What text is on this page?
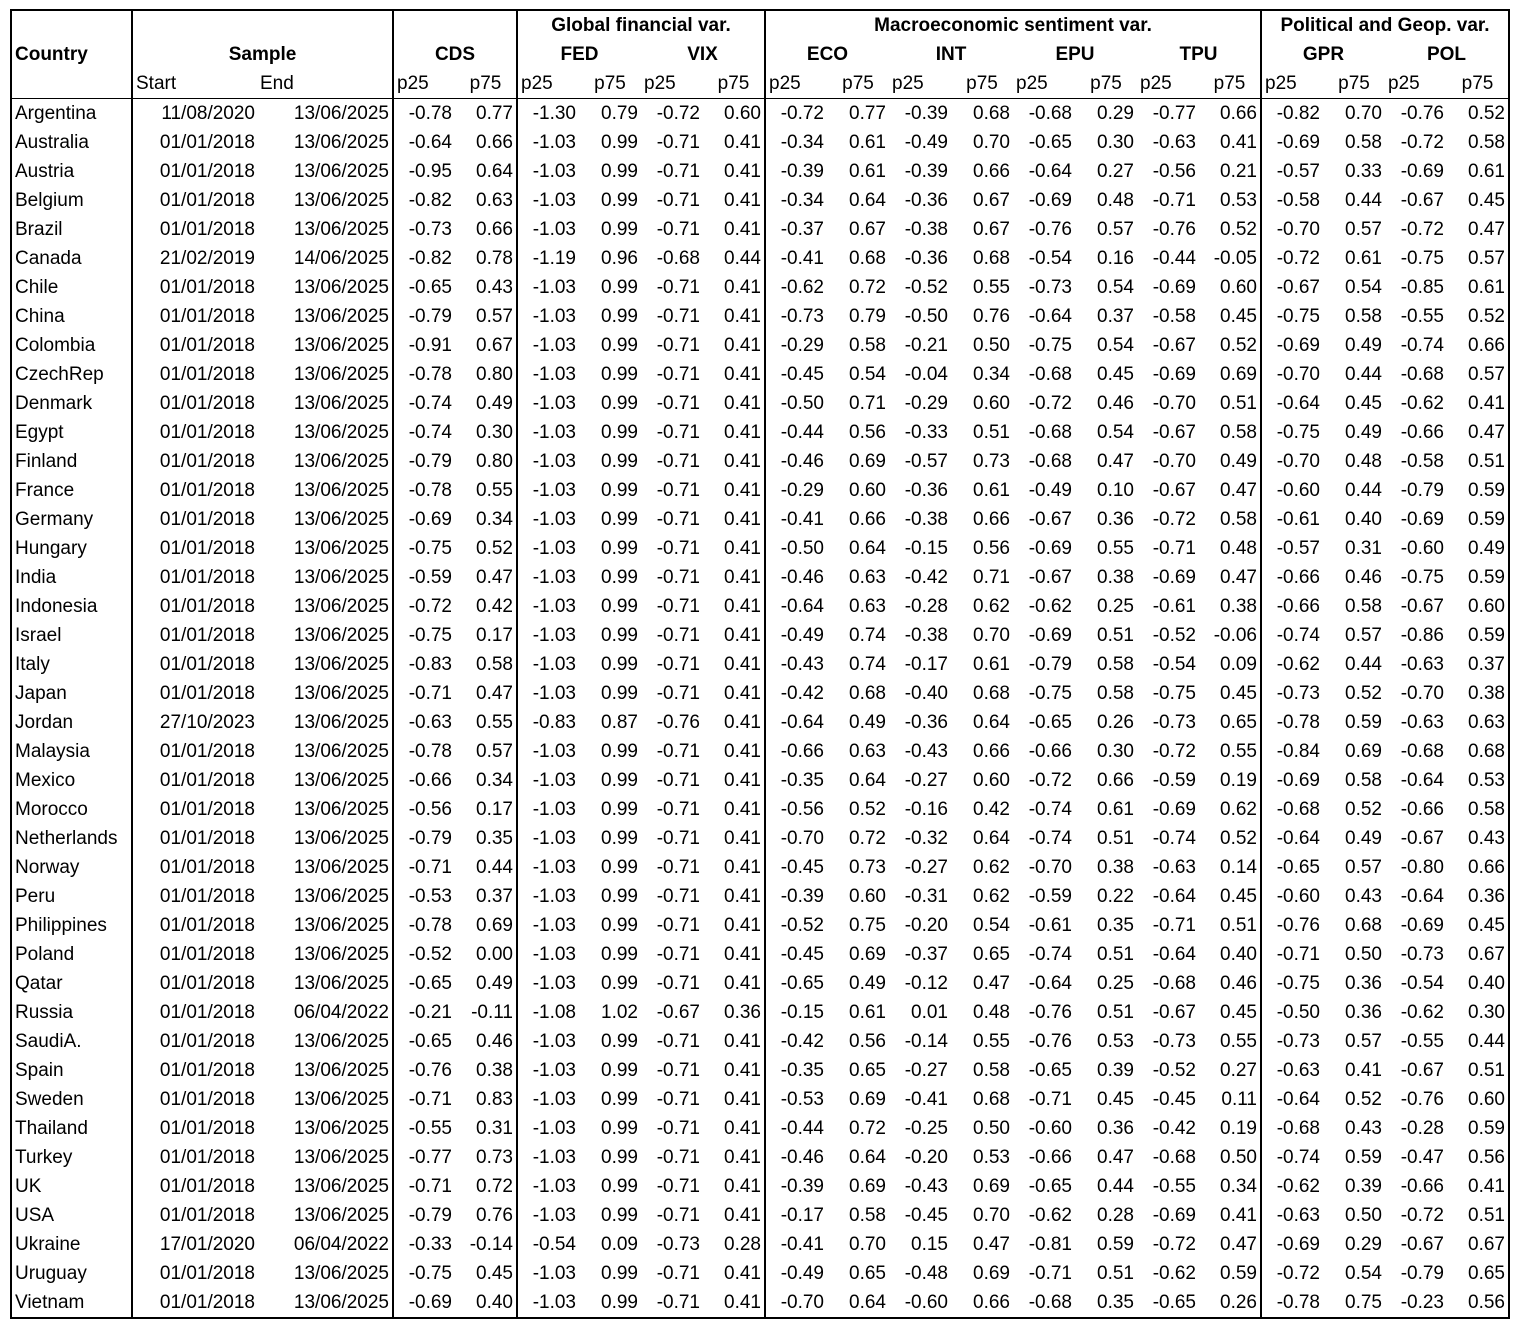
					Global financial var.				Macroeconomic sentiment var.								Political and Geop. var.			
Country	Sample		CDS		FED		VIX		ECO		INT		EPU		TPU		GPR		POL	
	Start	End	p25	p75	p25	p75	p25	p75	p25	p75	p25	p75	p25	p75	p25	p75	p25	p75	p25	p75
Argentina	11/08/2020	13/06/2025	-0.78	0.77	-1.30	0.79	-0.72	0.60	-0.72	0.77	-0.39	0.68	-0.68	0.29	-0.77	0.66	-0.82	0.70	-0.76	0.52
Australia	01/01/2018	13/06/2025	-0.64	0.66	-1.03	0.99	-0.71	0.41	-0.34	0.61	-0.49	0.70	-0.65	0.30	-0.63	0.41	-0.69	0.58	-0.72	0.58
Austria	01/01/2018	13/06/2025	-0.95	0.64	-1.03	0.99	-0.71	0.41	-0.39	0.61	-0.39	0.66	-0.64	0.27	-0.56	0.21	-0.57	0.33	-0.69	0.61
Belgium	01/01/2018	13/06/2025	-0.82	0.63	-1.03	0.99	-0.71	0.41	-0.34	0.64	-0.36	0.67	-0.69	0.48	-0.71	0.53	-0.58	0.44	-0.67	0.45
Brazil	01/01/2018	13/06/2025	-0.73	0.66	-1.03	0.99	-0.71	0.41	-0.37	0.67	-0.38	0.67	-0.76	0.57	-0.76	0.52	-0.70	0.57	-0.72	0.47
Canada	21/02/2019	14/06/2025	-0.82	0.78	-1.19	0.96	-0.68	0.44	-0.41	0.68	-0.36	0.68	-0.54	0.16	-0.44	-0.05	-0.72	0.61	-0.75	0.57
Chile	01/01/2018	13/06/2025	-0.65	0.43	-1.03	0.99	-0.71	0.41	-0.62	0.72	-0.52	0.55	-0.73	0.54	-0.69	0.60	-0.67	0.54	-0.85	0.61
China	01/01/2018	13/06/2025	-0.79	0.57	-1.03	0.99	-0.71	0.41	-0.73	0.79	-0.50	0.76	-0.64	0.37	-0.58	0.45	-0.75	0.58	-0.55	0.52
Colombia	01/01/2018	13/06/2025	-0.91	0.67	-1.03	0.99	-0.71	0.41	-0.29	0.58	-0.21	0.50	-0.75	0.54	-0.67	0.52	-0.69	0.49	-0.74	0.66
CzechRep	01/01/2018	13/06/2025	-0.78	0.80	-1.03	0.99	-0.71	0.41	-0.45	0.54	-0.04	0.34	-0.68	0.45	-0.69	0.69	-0.70	0.44	-0.68	0.57
Denmark	01/01/2018	13/06/2025	-0.74	0.49	-1.03	0.99	-0.71	0.41	-0.50	0.71	-0.29	0.60	-0.72	0.46	-0.70	0.51	-0.64	0.45	-0.62	0.41
Egypt	01/01/2018	13/06/2025	-0.74	0.30	-1.03	0.99	-0.71	0.41	-0.44	0.56	-0.33	0.51	-0.68	0.54	-0.67	0.58	-0.75	0.49	-0.66	0.47
Finland	01/01/2018	13/06/2025	-0.79	0.80	-1.03	0.99	-0.71	0.41	-0.46	0.69	-0.57	0.73	-0.68	0.47	-0.70	0.49	-0.70	0.48	-0.58	0.51
France	01/01/2018	13/06/2025	-0.78	0.55	-1.03	0.99	-0.71	0.41	-0.29	0.60	-0.36	0.61	-0.49	0.10	-0.67	0.47	-0.60	0.44	-0.79	0.59
Germany	01/01/2018	13/06/2025	-0.69	0.34	-1.03	0.99	-0.71	0.41	-0.41	0.66	-0.38	0.66	-0.67	0.36	-0.72	0.58	-0.61	0.40	-0.69	0.59
Hungary	01/01/2018	13/06/2025	-0.75	0.52	-1.03	0.99	-0.71	0.41	-0.50	0.64	-0.15	0.56	-0.69	0.55	-0.71	0.48	-0.57	0.31	-0.60	0.49
India	01/01/2018	13/06/2025	-0.59	0.47	-1.03	0.99	-0.71	0.41	-0.46	0.63	-0.42	0.71	-0.67	0.38	-0.69	0.47	-0.66	0.46	-0.75	0.59
Indonesia	01/01/2018	13/06/2025	-0.72	0.42	-1.03	0.99	-0.71	0.41	-0.64	0.63	-0.28	0.62	-0.62	0.25	-0.61	0.38	-0.66	0.58	-0.67	0.60
Israel	01/01/2018	13/06/2025	-0.75	0.17	-1.03	0.99	-0.71	0.41	-0.49	0.74	-0.38	0.70	-0.69	0.51	-0.52	-0.06	-0.74	0.57	-0.86	0.59
Italy	01/01/2018	13/06/2025	-0.83	0.58	-1.03	0.99	-0.71	0.41	-0.43	0.74	-0.17	0.61	-0.79	0.58	-0.54	0.09	-0.62	0.44	-0.63	0.37
Japan	01/01/2018	13/06/2025	-0.71	0.47	-1.03	0.99	-0.71	0.41	-0.42	0.68	-0.40	0.68	-0.75	0.58	-0.75	0.45	-0.73	0.52	-0.70	0.38
Jordan	27/10/2023	13/06/2025	-0.63	0.55	-0.83	0.87	-0.76	0.41	-0.64	0.49	-0.36	0.64	-0.65	0.26	-0.73	0.65	-0.78	0.59	-0.63	0.63
Malaysia	01/01/2018	13/06/2025	-0.78	0.57	-1.03	0.99	-0.71	0.41	-0.66	0.63	-0.43	0.66	-0.66	0.30	-0.72	0.55	-0.84	0.69	-0.68	0.68
Mexico	01/01/2018	13/06/2025	-0.66	0.34	-1.03	0.99	-0.71	0.41	-0.35	0.64	-0.27	0.60	-0.72	0.66	-0.59	0.19	-0.69	0.58	-0.64	0.53
Morocco	01/01/2018	13/06/2025	-0.56	0.17	-1.03	0.99	-0.71	0.41	-0.56	0.52	-0.16	0.42	-0.74	0.61	-0.69	0.62	-0.68	0.52	-0.66	0.58
Netherlands	01/01/2018	13/06/2025	-0.79	0.35	-1.03	0.99	-0.71	0.41	-0.70	0.72	-0.32	0.64	-0.74	0.51	-0.74	0.52	-0.64	0.49	-0.67	0.43
Norway	01/01/2018	13/06/2025	-0.71	0.44	-1.03	0.99	-0.71	0.41	-0.45	0.73	-0.27	0.62	-0.70	0.38	-0.63	0.14	-0.65	0.57	-0.80	0.66
Peru	01/01/2018	13/06/2025	-0.53	0.37	-1.03	0.99	-0.71	0.41	-0.39	0.60	-0.31	0.62	-0.59	0.22	-0.64	0.45	-0.60	0.43	-0.64	0.36
Philippines	01/01/2018	13/06/2025	-0.78	0.69	-1.03	0.99	-0.71	0.41	-0.52	0.75	-0.20	0.54	-0.61	0.35	-0.71	0.51	-0.76	0.68	-0.69	0.45
Poland	01/01/2018	13/06/2025	-0.52	0.00	-1.03	0.99	-0.71	0.41	-0.45	0.69	-0.37	0.65	-0.74	0.51	-0.64	0.40	-0.71	0.50	-0.73	0.67
Qatar	01/01/2018	13/06/2025	-0.65	0.49	-1.03	0.99	-0.71	0.41	-0.65	0.49	-0.12	0.47	-0.64	0.25	-0.68	0.46	-0.75	0.36	-0.54	0.40
Russia	01/01/2018	06/04/2022	-0.21	-0.11	-1.08	1.02	-0.67	0.36	-0.15	0.61	0.01	0.48	-0.76	0.51	-0.67	0.45	-0.50	0.36	-0.62	0.30
SaudiA.	01/01/2018	13/06/2025	-0.65	0.46	-1.03	0.99	-0.71	0.41	-0.42	0.56	-0.14	0.55	-0.76	0.53	-0.73	0.55	-0.73	0.57	-0.55	0.44
Spain	01/01/2018	13/06/2025	-0.76	0.38	-1.03	0.99	-0.71	0.41	-0.35	0.65	-0.27	0.58	-0.65	0.39	-0.52	0.27	-0.63	0.41	-0.67	0.51
Sweden	01/01/2018	13/06/2025	-0.71	0.83	-1.03	0.99	-0.71	0.41	-0.53	0.69	-0.41	0.68	-0.71	0.45	-0.45	0.11	-0.64	0.52	-0.76	0.60
Thailand	01/01/2018	13/06/2025	-0.55	0.31	-1.03	0.99	-0.71	0.41	-0.44	0.72	-0.25	0.50	-0.60	0.36	-0.42	0.19	-0.68	0.43	-0.28	0.59
Turkey	01/01/2018	13/06/2025	-0.77	0.73	-1.03	0.99	-0.71	0.41	-0.46	0.64	-0.20	0.53	-0.66	0.47	-0.68	0.50	-0.74	0.59	-0.47	0.56
UK	01/01/2018	13/06/2025	-0.71	0.72	-1.03	0.99	-0.71	0.41	-0.39	0.69	-0.43	0.69	-0.65	0.44	-0.55	0.34	-0.62	0.39	-0.66	0.41
USA	01/01/2018	13/06/2025	-0.79	0.76	-1.03	0.99	-0.71	0.41	-0.17	0.58	-0.45	0.70	-0.62	0.28	-0.69	0.41	-0.63	0.50	-0.72	0.51
Ukraine	17/01/2020	06/04/2022	-0.33	-0.14	-0.54	0.09	-0.73	0.28	-0.41	0.70	0.15	0.47	-0.81	0.59	-0.72	0.47	-0.69	0.29	-0.67	0.67
Uruguay	01/01/2018	13/06/2025	-0.75	0.45	-1.03	0.99	-0.71	0.41	-0.49	0.65	-0.48	0.69	-0.71	0.51	-0.62	0.59	-0.72	0.54	-0.79	0.65
Vietnam	01/01/2018	13/06/2025	-0.69	0.40	-1.03	0.99	-0.71	0.41	-0.70	0.64	-0.60	0.66	-0.68	0.35	-0.65	0.26	-0.78	0.75	-0.23	0.56
